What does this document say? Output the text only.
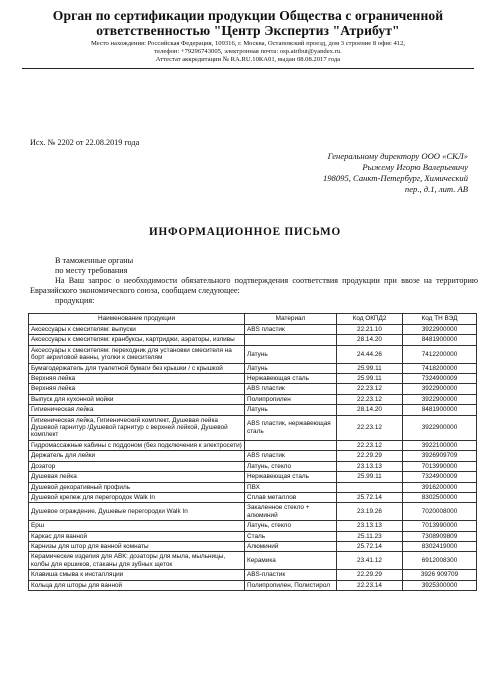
Орган по сертификации продукции Общества с ограниченной ответственностью "Центр Экспертиз "Атрибут"
Место нахождения: Российская Федерация, 109316, г. Москва, Остаповский проезд, дом 3 строение 8 офис 412,
телефон: +79296743005, электронная почта: osp.atribut@yandex.ru.
Аттестат аккредитации № RA.RU.10КА01, выдан 08.08.2017 года
Исх. № 2202 от 22.08.2019 года
Генеральному директору ООО «СКЛ»
Рыжему Игорю Валерьевичу
198095, Санкт-Петербург, Химический
пер., д.1, лит. АВ
ИНФОРМАЦИОННОЕ ПИСЬМО
В таможенные органы
по месту требования
На Ваш запрос о необходимости обязательного подтверждения соответствия продукции при ввозе на территорию Евразийского экономического союза, сообщаем следующее:
продукция:
Наименование продукции	Материал	Код ОКПД2	Код ТН ВЭД
Аксессуары к смесителям: выпуски	ABS пластик	22.21.10	3922900000
Аксессуары к смесителям: кранбуксы, картриджи, аэраторы, изливы		28.14.20	8481900000
Аксессуары к смесителям: переходник для установки смесителя на борт акриловой ванны, уголки к смесителям	Латунь	24.44.26	7412200000
Бумагодержатель для туалетной бумаги без крышки / с крышкой	Латунь	25.99.11	7418200000
Верхняя лейка	Нержавеющая сталь	25.99.11	7324900009
Верхняя лейка	ABS пластик	22.23.12	3922900000
Выпуск для кухонной мойки	Полипропилен	22.23.12	3922900000
Гигиеническая лейка	Латунь	28.14.20	8481900000
Гигиеническая лейка, Гигиенический комплект, Душевая лейка Душевой гарнитур /Душевой гарнитур с верхней лейкой, Душевой комплект	ABS пластик, нержавеющая сталь	22.23.12	3922900000
Гидромассажные кабины с поддоном (без подключения к электросети)		22.23.12	3922100000
Держатель для лейки	ABS пластик	22.29.29	3926909709
Дозатор	Латунь, стекло	23.13.13	7013990000
Душевая лейка	Нержавеющая сталь	25.99.11	7324900009
Душевой декоративный профиль	ПВХ		3916200000
Душевой крепеж для перегородок Walk In	Сплав металлов	25.72.14	8302500000
Душевое ограждение, Душевые перегородки Walk In	Закаленное стекло + алюминий	23.19.26	7020008000
Ерш	Латунь, стекло	23.13.13	7013990000
Каркас для ванной	Сталь	25.11.23	7308909809
Карнизы для штор для ванной комнаты	Алюминий	25.72.14	8302419000
Керамические изделия для АВК: дозаторы для мыла, мыльницы, колбы для ершиков, стаканы для зубных щеток	Керамика	23.41.12	6912008300
Клавиша смыва к инсталляции	ABS-пластик	22.29.29	3926 909709
Кольца для шторы для ванной	Полипропилен, Полистирол	22.23.14	3925300000
